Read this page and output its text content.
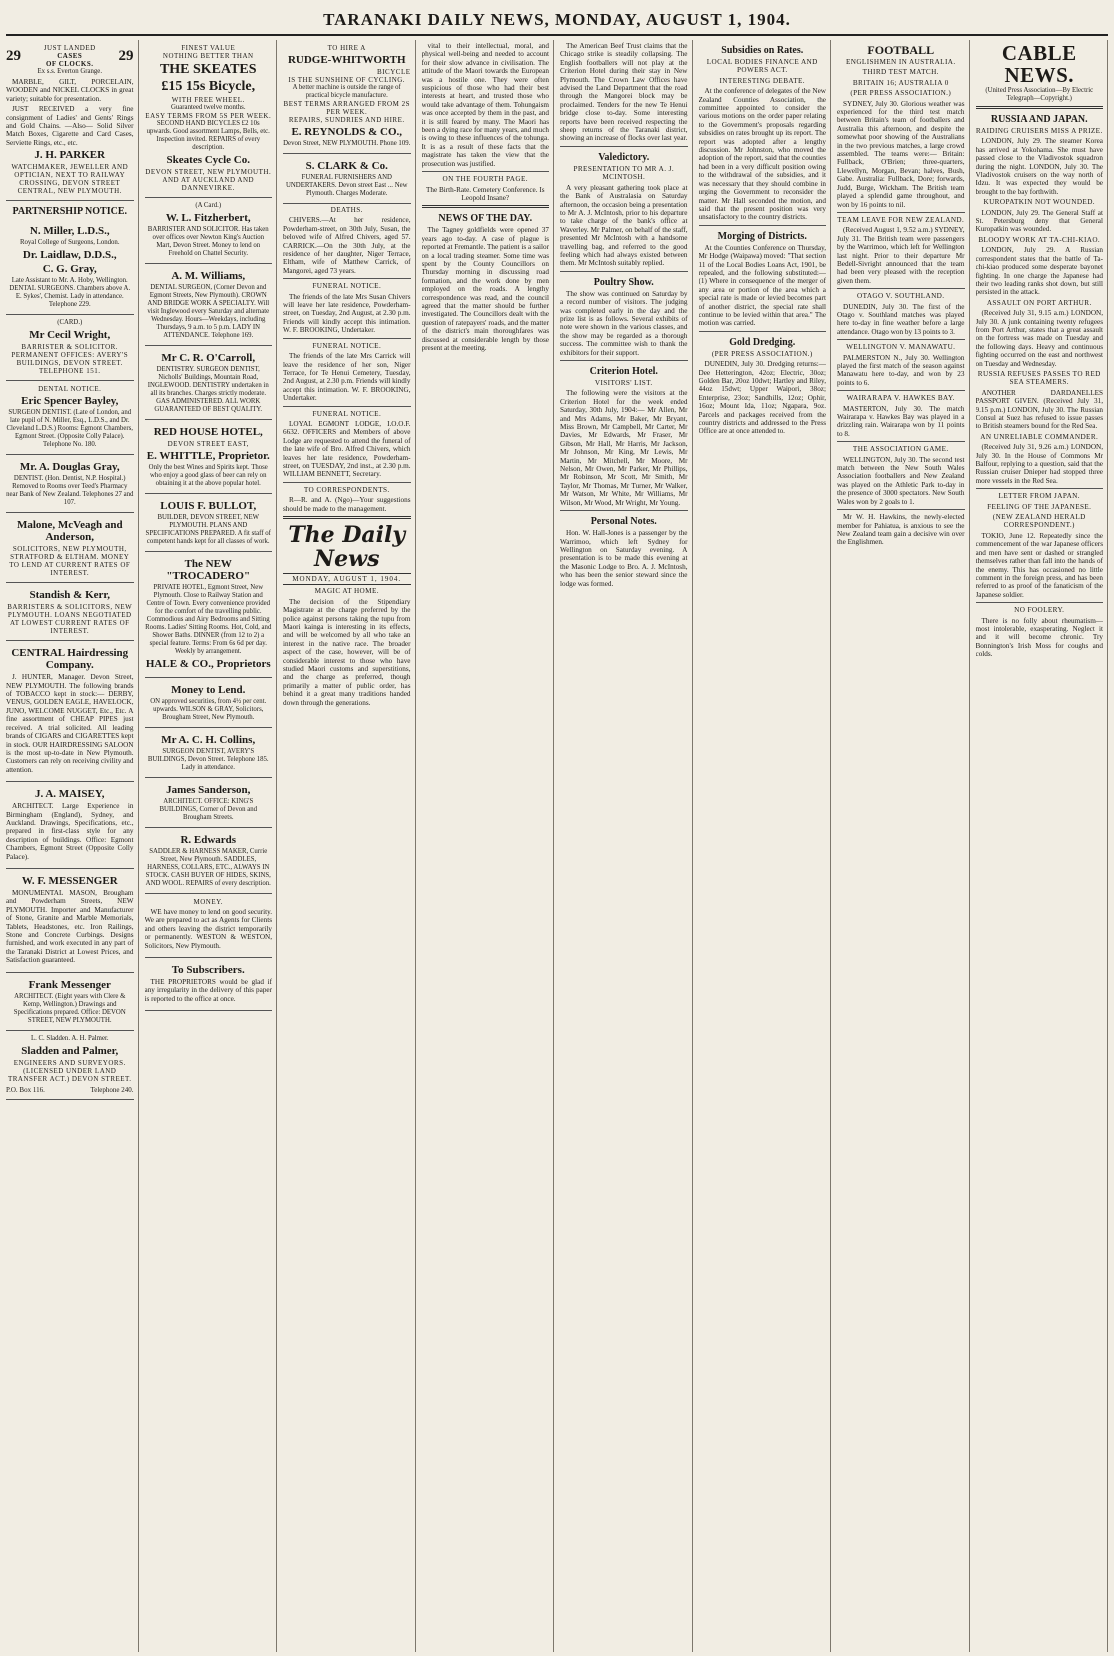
TARANAKI DAILY NEWS, MONDAY, AUGUST 1, 1904.
JUST LANDED
29	CASES
OF CLOCKS. 29
Ex s.s. Everton Grange.
MARBLE, GILT, PORCELAIN, WOODEN and NICKEL CLOCKS in great variety; suitable for presentation.
JUST RECEIVED a very fine consignment of Ladies' and Gents' Rings and Gold Chains. —Also— Solid Silver Match Boxes, Cigarette and Card Cases, Serviette Rings, etc., etc.
J. H. PARKER
WATCHMAKER, JEWELLER AND OPTICIAN, NEXT TO RAILWAY CROSSING, DEVON STREET CENTRAL, NEW PLYMOUTH.
PARTNERSHIP NOTICE.
N. Miller, L.D.S.,
Royal College of Surgeons, London.
Dr. Laidlaw, D.D.S.,
C. G. Gray,
Late Assistant to Mr. A. Hoby, Wellington. DENTAL SURGEONS. Chambers above A. E. Sykes', Chemist. Lady in attendance. Telephone 229.
(CARD.)
Mr Cecil Wright,
BARRISTER & SOLICITOR. PERMANENT OFFICES: AVERY'S BUILDINGS, DEVON STREET. TELEPHONE 151.
DENTAL NOTICE.
Eric Spencer Bayley,
SURGEON DENTIST. (Late of London, and late pupil of N. Miller, Esq., L.D.S., and Dr. Cleveland L.D.S.) Rooms: Egmont Chambers, Egmont Street. (Opposite Colly Palace). Telephone No. 180.
Mr. A. Douglas Gray,
DENTIST. (Hon. Dentist, N.P. Hospital.) Removed to Rooms over Teed's Pharmacy near Bank of New Zealand. Telephones 27 and 107.
Malone, McVeagh and Anderson,
SOLICITORS, NEW PLYMOUTH, STRATFORD & ELTHAM. MONEY TO LEND AT CURRENT RATES OF INTEREST.
Standish & Kerr,
BARRISTERS & SOLICITORS, NEW PLYMOUTH. LOANS NEGOTIATED AT LOWEST CURRENT RATES OF INTEREST.
CENTRAL Hairdressing Company.
J. HUNTER, Manager. Devon Street, NEW PLYMOUTH. The following brands of TOBACCO kept in stock:— DERBY, VENUS, GOLDEN EAGLE, HAVELOCK, JUNO, WELCOME NUGGET, Etc., Etc. A fine assortment of CHEAP PIPES just received. A trial solicited. All leading brands of CIGARS and CIGARETTES kept in stock. OUR HAIRDRESSING SALOON is the most up-to-date in New Plymouth. Customers can rely on receiving civility and attention.
J. A. MAISEY,
ARCHITECT. Large Experience in Birmingham (England), Sydney, and Auckland. Drawings, Specifications, etc., prepared in first-class style for any description of buildings. Office: Egmont Chambers, Egmont Street (Opposite Colly Palace).
W. F. MESSENGER
MONUMENTAL MASON, Brougham and Powderham Streets, NEW PLYMOUTH. Importer and Manufacturer of Stone, Granite and Marble Memorials, Tablets, Headstones, etc. Iron Railings, Stone and Concrete Curbings. Designs furnished, and work executed in any part of the Taranaki District at Lowest Prices, and Satisfaction guaranteed.
Frank Messenger
ARCHITECT. (Eight years with Clere & Kemp, Wellington.) Drawings and Specifications prepared. Office: DEVON STREET, NEW PLYMOUTH.
L. C. Sladden. A. H. Palmer.
Sladden and Palmer,
ENGINEERS AND SURVEYORS. (LICENSED UNDER LAND TRANSFER ACT.) DEVON STREET.
P.O. Box 116.	Telephone 240.
FINEST VALUE
NOTHING BETTER THAN
THE SKEATES
£15 15s Bicycle,
WITH FREE WHEEL.
Guaranteed twelve months.
EASY TERMS FROM 5S PER WEEK.
SECOND HAND BICYCLES £2 10s upwards. Good assortment Lamps, Bells, etc. Inspection invited. REPAIRS of every description.
Skeates Cycle Co.
DEVON STREET, NEW PLYMOUTH. AND AT AUCKLAND AND DANNEVIRKE.
(A Card.)
W. L. Fitzherbert,
BARRISTER AND SOLICITOR. Has taken over offices over Newton King's Auction Mart, Devon Street. Money to lend on Freehold on Chattel Security.
A. M. Williams,
DENTAL SURGEON, (Corner Devon and Egmont Streets, New Plymouth). CROWN AND BRIDGE WORK A SPECIALTY. Will visit Inglewood every Saturday and alternate Wednesday. Hours—Weekdays, including Thursdays, 9 a.m. to 5 p.m. LADY IN ATTENDANCE. Telephone 169.
Mr C. R. O'Carroll,
DENTISTRY. SURGEON DENTIST, Nicholls' Buildings, Mountain Road, INGLEWOOD. DENTISTRY undertaken in all its branches. Charges strictly moderate. GAS ADMINISTERED. ALL WORK GUARANTEED OF BEST QUALITY.
RED HOUSE HOTEL,
DEVON STREET EAST,
E. WHITTLE, Proprietor.
Only the best Wines and Spirits kept. Those who enjoy a good glass of beer can rely on obtaining it at the above popular hotel.
LOUIS F. BULLOT,
BUILDER, DEVON STREET, NEW PLYMOUTH. PLANS AND SPECIFICATIONS PREPARED. A fit staff of competent hands kept for all classes of work.
The NEW "TROCADERO"
PRIVATE HOTEL, Egmont Street, New Plymouth. Close to Railway Station and Centre of Town. Every convenience provided for the comfort of the travelling public. Commodious and Airy Bedrooms and Sitting Rooms. Ladies' Sitting Rooms. Hot, Cold, and Shower Baths. DINNER (from 12 to 2) a special feature. Terms: From 6s 6d per day. Weekly by arrangement.
HALE & CO., Proprietors
Money to Lend.
ON approved securities, from 4½ per cent. upwards. WILSON & GRAY, Solicitors, Brougham Street, New Plymouth.
Mr A. C. H. Collins,
SURGEON DENTIST, AVERY'S BUILDINGS, Devon Street. Telephone 185. Lady in attendance.
James Sanderson,
ARCHITECT. OFFICE: KING'S BUILDINGS, Corner of Devon and Brougham Streets.
R. Edwards
SADDLER & HARNESS MAKER, Currie Street, New Plymouth. SADDLES, HARNESS, COLLARS, ETC., ALWAYS IN STOCK. CASH BUYER OF HIDES, SKINS, AND WOOL. REPAIRS of every description.
MONEY.
WE have money to lend on good security. We are prepared to act as Agents for Clients and others leaving the district temporarily or permanently. WESTON & WESTON, Solicitors, New Plymouth.
To Subscribers.
THE PROPRIETORS would be glad if any irregularity in the delivery of this paper is reported to the office at once.
TO HIRE A
RUDGE-WHITWORTH
BICYCLE
IS THE SUNSHINE OF CYCLING.
A better machine is outside the range of practical bicycle manufacture.
BEST TERMS ARRANGED FROM 2S PER WEEK.
REPAIRS, SUNDRIES AND HIRE.
E. REYNOLDS & CO.,
Devon Street, NEW PLYMOUTH. Phone 109.
S. CLARK & Co.
FUNERAL FURNISHERS AND UNDERTAKERS. Devon street East ... New Plymouth. Charges Moderate.
DEATHS.
CHIVERS.—At her residence, Powderham-street, on 30th July, Susan, the beloved wife of Alfred Chivers, aged 57. CARRICK.—On the 30th July, at the residence of her daughter, Niger Terrace, Eltham, wife of Matthew Carrick, of Mangorei, aged 73 years.
FUNERAL NOTICE.
The friends of the late Mrs Susan Chivers will leave her late residence, Powderham-street, on Tuesday, 2nd August, at 2.30 p.m. Friends will kindly accept this intimation. W. F. BROOKING, Undertaker.
FUNERAL NOTICE.
The friends of the late Mrs Carrick will leave the residence of her son, Niger Terrace, for Te Henui Cemetery, Tuesday, 2nd August, at 2.30 p.m. Friends will kindly accept this intimation. W. F. BROOKING, Undertaker.
FUNERAL NOTICE.
LOYAL EGMONT LODGE, I.O.O.F. 6632. OFFICERS and Members of above Lodge are requested to attend the funeral of the late wife of Bro. Alfred Chivers, which leaves her late residence, Powderham-street, on TUESDAY, 2nd inst., at 2.30 p.m. WILLIAM BENNETT, Secretary.
TO CORRESPONDENTS.
R—R. and A. (Ngo)—Your suggestions should be made to the management.
The Daily News
MONDAY, AUGUST 1, 1904.
MAGIC AT HOME.
The decision of the Stipendiary Magistrate at the charge preferred by the police against persons taking the tupu from Maori kainga is interesting in its effects, and will be welcomed by all who take an interest in the native race. The broader aspect of the case, however, will be of considerable interest to those who have studied Maori customs and superstitions, and the charge as preferred, though primarily a matter of public order, has behind it a great many traditions handed down through the generations.
vital to their intellectual, moral, and physical well-being and needed to account for their slow advance in civilisation. The attitude of the Maori towards the European was a hostile one. They were often suspicious of those who had their best interests at heart, and trusted those who would take advantage of them. Tohungaism was once accepted by them in the past, and it is still feared by many. The Maori has been a dying race for many years, and much is owing to these influences of the tohunga. It is as a result of these facts that the magistrate has taken the view that the prosecution was justified.
ON THE FOURTH PAGE.
The Birth-Rate. Cemetery Conference. Is Leopold Insane?
NEWS OF THE DAY.
The Tagney goldfields were opened 37 years ago to-day. A case of plague is reported at Fremantle. The patient is a sailor on a local trading steamer. Some time was spent by the County Councillors on Thursday morning in discussing road formation, and the work done by men employed on the roads. A lengthy correspondence was read, and the council agreed that the matter should be further investigated. The Councillors dealt with the question of ratepayers' roads, and the matter of the district's main thoroughfares was discussed at considerable length by those present at the meeting.
The American Beef Trust claims that the Chicago strike is steadily collapsing. The English footballers will not play at the Criterion Hotel during their stay in New Plymouth. The Crown Law Offices have advised the Land Department that the road through the Mangorei block may be proclaimed. Tenders for the new Te Henui bridge close to-day. Some interesting reports have been received respecting the sheep returns of the Taranaki district, showing an increase of flocks over last year.
Valedictory.
PRESENTATION TO MR A. J. MCINTOSH.
A very pleasant gathering took place at the Bank of Australasia on Saturday afternoon, the occasion being a presentation to Mr A. J. McIntosh, prior to his departure to take charge of the bank's office at Waverley. Mr Palmer, on behalf of the staff, presented Mr McIntosh with a handsome travelling bag, and referred to the good feeling which had always existed between them. Mr McIntosh suitably replied.
Poultry Show.
The show was continued on Saturday by a record number of visitors. The judging was completed early in the day and the prize list is as follows. Several exhibits of note were shown in the various classes, and the show may be regarded as a thorough success. The committee wish to thank the exhibitors for their support.
Criterion Hotel.
VISITORS' LIST.
The following were the visitors at the Criterion Hotel for the week ended Saturday, 30th July, 1904:— Mr Allen, Mr and Mrs Adams, Mr Baker, Mr Bryant, Miss Brown, Mr Campbell, Mr Carter, Mr Davies, Mr Edwards, Mr Fraser, Mr Gibson, Mr Hall, Mr Harris, Mr Jackson, Mr Johnson, Mr King, Mr Lewis, Mr Martin, Mr Mitchell, Mr Moore, Mr Nelson, Mr Owen, Mr Parker, Mr Phillips, Mr Robinson, Mr Scott, Mr Smith, Mr Taylor, Mr Thomas, Mr Turner, Mr Walker, Mr Watson, Mr White, Mr Williams, Mr Wilson, Mr Wood, Mr Wright, Mr Young.
Personal Notes.
Hon. W. Hall-Jones is a passenger by the Warrimoo, which left Sydney for Wellington on Saturday evening. A presentation is to be made this evening at the Masonic Lodge to Bro. A. J. McIntosh, who has been the senior steward since the lodge was formed.
Subsidies on Rates.
LOCAL BODIES FINANCE AND POWERS ACT.
INTERESTING DEBATE.
At the conference of delegates of the New Zealand Counties Association, the committee appointed to consider the various motions on the order paper relating to the Government's proposals regarding subsidies on rates brought up its report. The report was adopted after a lengthy discussion. Mr Johnston, who moved the adoption of the report, said that the counties had been in a very difficult position owing to the withdrawal of the subsidies, and it was necessary that they should combine in urging the Government to reconsider the matter. Mr Hall seconded the motion, and said that the present position was very unsatisfactory to the country districts.
Morging of Districts.
At the Counties Conference on Thursday, Mr Hodge (Waipawa) moved: "That section 11 of the Local Bodies Loans Act, 1901, be repealed, and the following substituted:—(1) Where in consequence of the merger of any area or portion of the area which a special rate is made or levied becomes part of another district, the special rate shall continue to be levied within that area." The motion was carried.
Gold Dredging.
(PER PRESS ASSOCIATION.)
DUNEDIN, July 30. Dredging returns:—Dee Hetterington, 42oz; Electric, 30oz; Golden Bar, 20oz 10dwt; Hartley and Riley, 44oz 15dwt; Upper Waipori, 38oz; Enterprise, 23oz; Sandhills, 12oz; Ophir, 16oz; Mount Ida, 11oz; Ngapara, 9oz. Parcels and packages received from the country districts and addressed to the Press Office are at once attended to.
FOOTBALL
ENGLISHMEN IN AUSTRALIA.
THIRD TEST MATCH.
BRITAIN 16; AUSTRALIA 0
(PER PRESS ASSOCIATION.)
SYDNEY, July 30. Glorious weather was experienced for the third test match between Britain's team of footballers and Australia this afternoon, and despite the somewhat poor showing of the Australians in the two previous matches, a large crowd assembled. The teams were:— Britain: Fullback, O'Brien; three-quarters, Llewellyn, Morgan, Bevan; halves, Bush, Gabe. Australia: Fullback, Dore; forwards, Judd, Burge, Wickham. The British team played a splendid game throughout, and won by 16 points to nil.
TEAM LEAVE FOR NEW ZEALAND.
(Received August 1, 9.52 a.m.) SYDNEY, July 31. The British team were passengers by the Warrimoo, which left for Wellington last night. Prior to their departure Mr Bedell-Sivright announced that the team had been very pleased with the reception given them.
OTAGO V. SOUTHLAND.
DUNEDIN, July 30. The first of the Otago v. Southland matches was played here to-day in fine weather before a large attendance. Otago won by 13 points to 3.
WELLINGTON V. MANAWATU.
PALMERSTON N., July 30. Wellington played the first match of the season against Manawatu here to-day, and won by 23 points to 6.
WAIRARAPA V. HAWKES BAY.
MASTERTON, July 30. The match Wairarapa v. Hawkes Bay was played in a drizzling rain. Wairarapa won by 11 points to 8.
THE ASSOCIATION GAME.
WELLINGTON, July 30. The second test match between the New South Wales Association footballers and New Zealand was played on the Athletic Park to-day in the presence of 3000 spectators. New South Wales won by 2 goals to 1.
Mr W. H. Hawkins, the newly-elected member for Pahiatua, is anxious to see the New Zealand team gain a decisive win over the Englishmen.
CABLE NEWS.
(United Press Association—By Electric Telegraph—Copyright.)
RUSSIA AND JAPAN.
RAIDING CRUISERS MISS A PRIZE.
LONDON, July 29. The steamer Korea has arrived at Yokohama. She must have passed close to the Vladivostok squadron during the night. LONDON, July 30. The Vladivostok cruisers on the way north of Idzu. It was expected they would be brought to the bay forthwith.
KUROPATKIN NOT WOUNDED.
LONDON, July 29. The General Staff at St. Petersburg deny that General Kuropatkin was wounded.
BLOODY WORK AT TA-CHI-KIAO.
LONDON, July 29. A Russian correspondent states that the battle of Ta-chi-kiao produced some desperate bayonet fighting. In one charge the Japanese had their two leading ranks shot down, but still persisted in the attack.
ASSAULT ON PORT ARTHUR.
(Received July 31, 9.15 a.m.) LONDON, July 30. A junk containing twenty refugees from Port Arthur, states that a great assault on the fortress was made on Tuesday and the following days. Heavy and continuous fighting occurred on the east and northwest on Tuesday and Wednesday.
RUSSIA REFUSES PASSES TO RED SEA STEAMERS.
ANOTHER DARDANELLES PASSPORT GIVEN. (Received July 31, 9.15 p.m.) LONDON, July 30. The Russian Consul at Suez has refused to issue passes to British steamers bound for the Red Sea.
AN UNRELIABLE COMMANDER.
(Received July 31, 9.26 a.m.) LONDON, July 30. In the House of Commons Mr Balfour, replying to a question, said that the Russian cruiser Dnieper had stopped three more vessels in the Red Sea.
LETTER FROM JAPAN.
FEELING OF THE JAPANESE.
(NEW ZEALAND HERALD CORRESPONDENT.)
TOKIO, June 12. Repeatedly since the commencement of the war Japanese officers and men have sent or dashed or strangled themselves rather than fall into the hands of the enemy. This has occasioned no little comment in the foreign press, and has been referred to as proof of the fanaticism of the Japanese soldier.
NO FOOLERY.
There is no folly about rheumatism—most intolerable, exasperating. Neglect it and it will become chronic. Try Bonnington's Irish Moss for coughs and colds.
